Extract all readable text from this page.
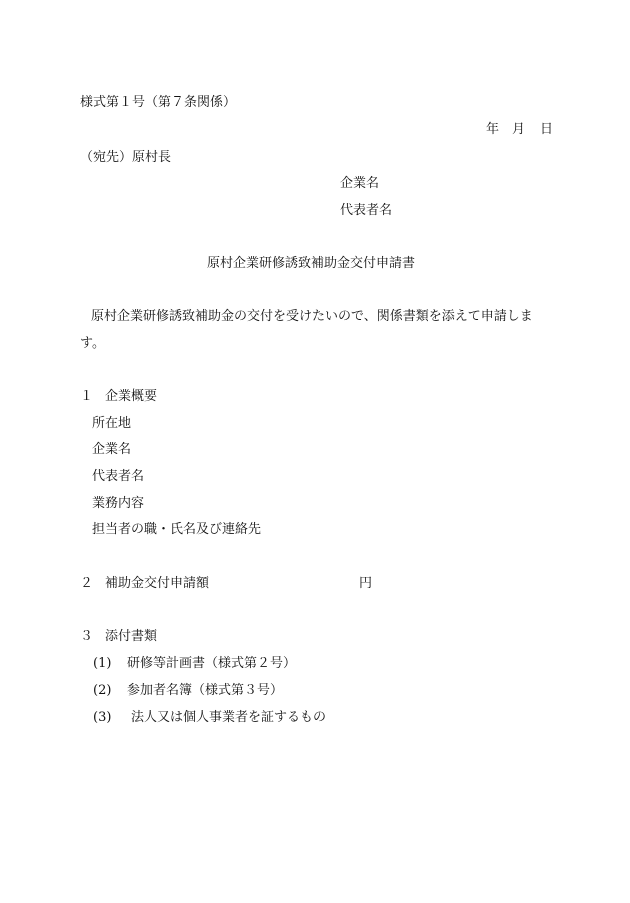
様式第１号（第７条関係）
年 月 日
（宛先）原村長
企業名
代表者名
原村企業研修誘致補助金交付申請書
原村企業研修誘致補助金の交付を受けたいので、関係書類を添えて申請しま
す。
１ 企業概要
所在地
企業名
代表者名
業務内容
担当者の職・氏名及び連絡先
２ 補助金交付申請額	円
３ 添付書類
(1) 研修等計画書（様式第２号）
(2) 参加者名簿（様式第３号）
(3) 法人又は個人事業者を証するもの
